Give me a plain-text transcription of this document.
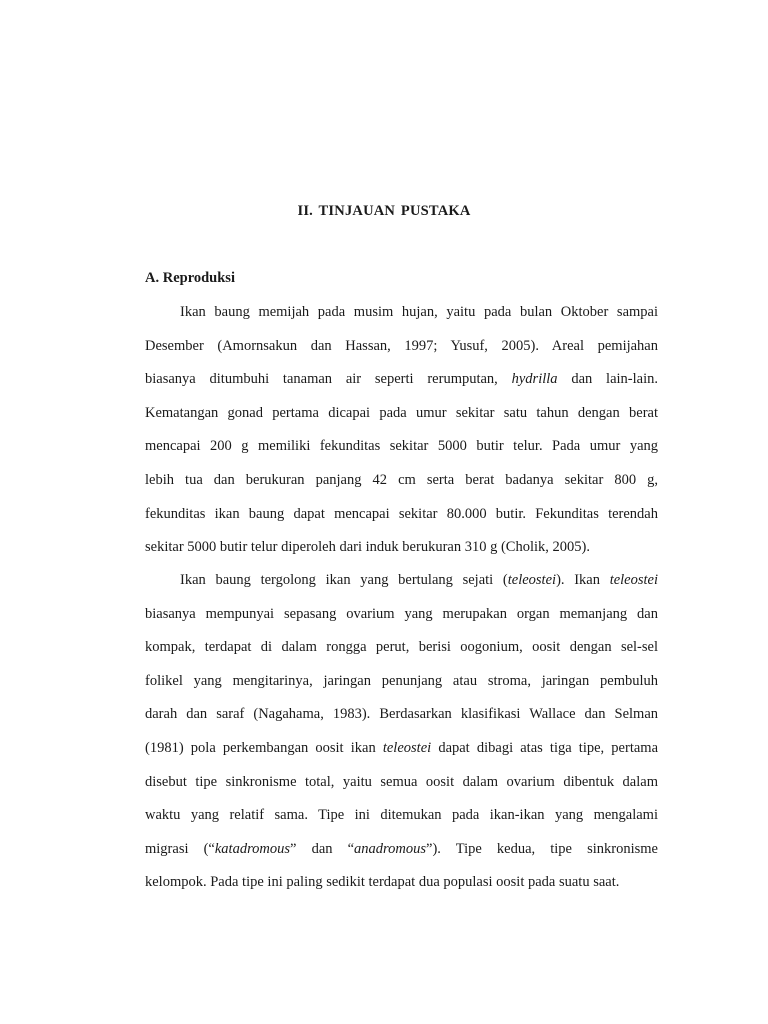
II. TINJAUAN PUSTAKA
A. Reproduksi
Ikan baung memijah pada musim hujan, yaitu pada bulan Oktober sampai
Desember (Amornsakun dan Hassan, 1997; Yusuf, 2005). Areal pemijahan
biasanya ditumbuhi tanaman air seperti rerumputan, hydrilla dan lain-lain.
Kematangan gonad pertama dicapai pada umur sekitar satu tahun dengan berat
mencapai 200 g memiliki fekunditas sekitar 5000 butir telur. Pada umur yang
lebih tua dan berukuran panjang 42 cm serta berat badanya sekitar 800 g,
fekunditas ikan baung dapat mencapai sekitar 80.000 butir. Fekunditas terendah
sekitar 5000 butir telur diperoleh dari induk berukuran 310 g (Cholik, 2005).
Ikan baung tergolong ikan yang bertulang sejati (teleostei). Ikan teleostei
biasanya mempunyai sepasang ovarium yang merupakan organ memanjang dan
kompak, terdapat di dalam rongga perut, berisi oogonium, oosit dengan sel-sel
folikel yang mengitarinya, jaringan penunjang atau stroma, jaringan pembuluh
darah dan saraf (Nagahama, 1983). Berdasarkan klasifikasi Wallace dan Selman
(1981) pola perkembangan oosit ikan teleostei dapat dibagi atas tiga tipe, pertama
disebut tipe sinkronisme total, yaitu semua oosit dalam ovarium dibentuk dalam
waktu yang relatif sama. Tipe ini ditemukan pada ikan-ikan yang mengalami
migrasi (“katadromous” dan “anadromous”). Tipe kedua, tipe sinkronisme
kelompok. Pada tipe ini paling sedikit terdapat dua populasi oosit pada suatu saat.
